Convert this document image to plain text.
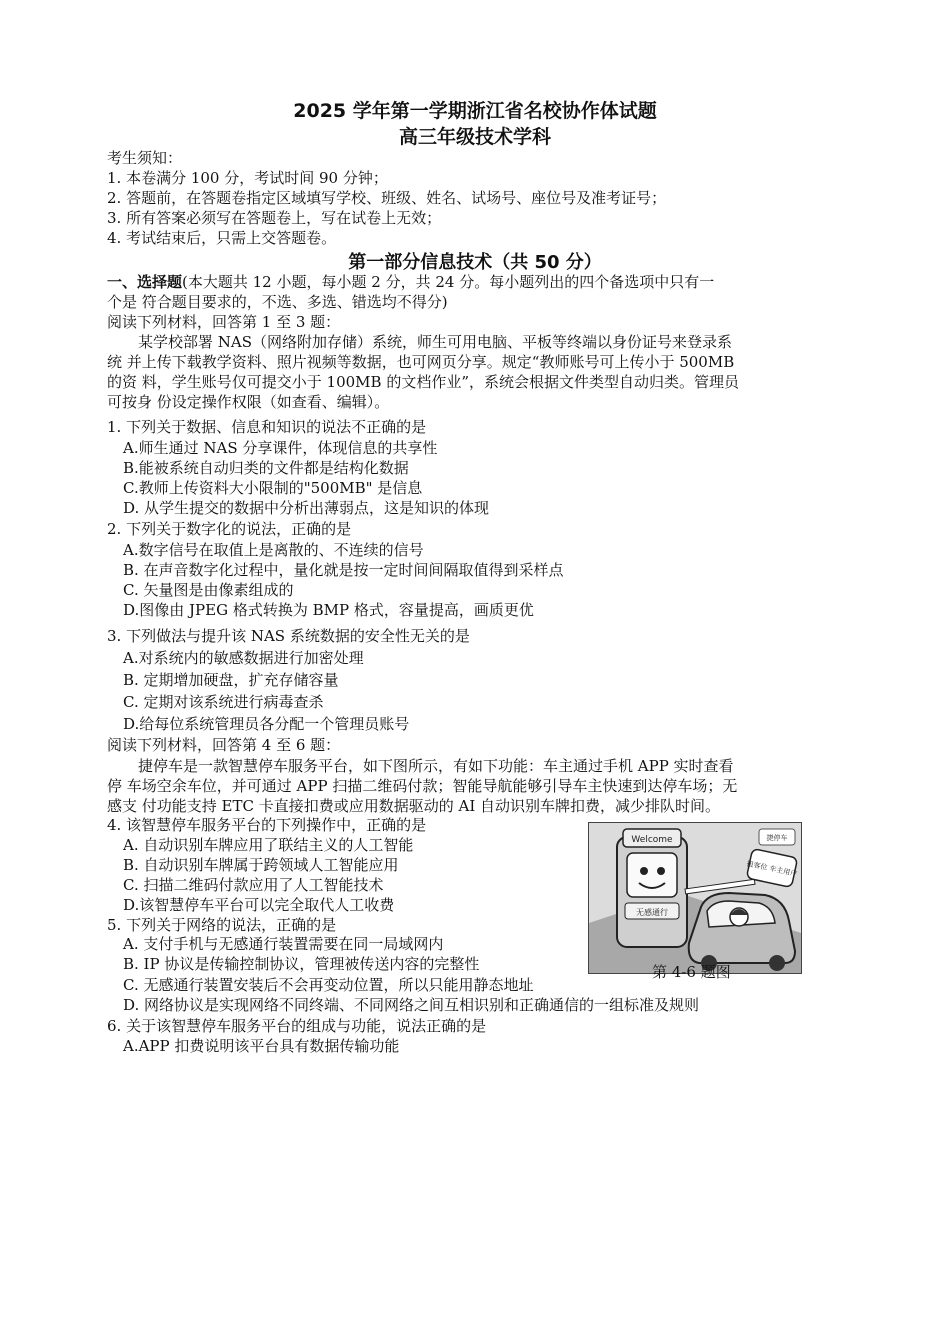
2025 学年第一学期浙江省名校协作体试题
高三年级技术学科
考生须知：
1. 本卷满分 100 分，考试时间 90 分钟；
2. 答题前，在答题卷指定区域填写学校、班级、姓名、试场号、座位号及准考证号；
3. 所有答案必须写在答题卷上，写在试卷上无效；
4. 考试结束后，只需上交答题卷。
第一部分信息技术（共 50 分）
一、选择题(本大题共 12 小题，每小题 2 分，共 24 分。每小题列出的四个备选项中只有一
个是 符合题目要求的，不选、多选、错选均不得分)
阅读下列材料，回答第 1 至 3 题：
某学校部署 NAS（网络附加存储）系统，师生可用电脑、平板等终端以身份证号来登录系
统 并上传下载教学资料、照片视频等数据，也可网页分享。规定“教师账号可上传小于 500MB
的资 料，学生账号仅可提交小于 100MB 的文档作业”，系统会根据文件类型自动归类。管理员
可按身 份设定操作权限（如查看、编辑）。
1. 下列关于数据、信息和知识的说法不正确的是
A.师生通过 NAS 分享课件，体现信息的共享性
B.能被系统自动归类的文件都是结构化数据
C.教师上传资料大小限制的"500MB" 是信息
D. 从学生提交的数据中分析出薄弱点，这是知识的体现
2. 下列关于数字化的说法，正确的是
A.数字信号在取值上是离散的、不连续的信号
B. 在声音数字化过程中，量化就是按一定时间间隔取值得到采样点
C. 矢量图是由像素组成的
D.图像由 JPEG 格式转换为 BMP 格式，容量提高，画质更优
3. 下列做法与提升该 NAS 系统数据的安全性无关的是
A.对系统内的敏感数据进行加密处理
B. 定期增加硬盘，扩充存储容量
C. 定期对该系统进行病毒查杀
D.给每位系统管理员各分配一个管理员账号
阅读下列材料，回答第 4 至 6 题：
捷停车是一款智慧停车服务平台，如下图所示，有如下功能：车主通过手机 APP 实时查看
停 车场空余车位，并可通过 APP 扫描二维码付款；智能导航能够引导车主快速到达停车场；无
感支 付功能支持 ETC 卡直接扣费或应用数据驱动的 AI 自动识别车牌扣费，减少排队时间。
4. 该智慧停车服务平台的下列操作中，正确的是
A. 自动识别车牌应用了联结主义的人工智能
B. 自动识别车牌属于跨领域人工智能应用
C. 扫描二维码付款应用了人工智能技术
D.该智慧停车平台可以完全取代人工收费
5. 下列关于网络的说法，正确的是
A. 支付手机与无感通行装置需要在同一局域网内
B. IP 协议是传输控制协议，管理被传送内容的完整性
C. 无感通行装置安装后不会再变动位置，所以只能用静态地址
D. 网络协议是实现网络不同终端、不同网络之间互相识别和正确通信的一组标准及规则
6. 关于该智慧停车服务平台的组成与功能，说法正确的是
A.APP 扣费说明该平台具有数据传输功能
Welcome
无感通行
扭客位 车主用户
捷停车
第 4-6 题图
